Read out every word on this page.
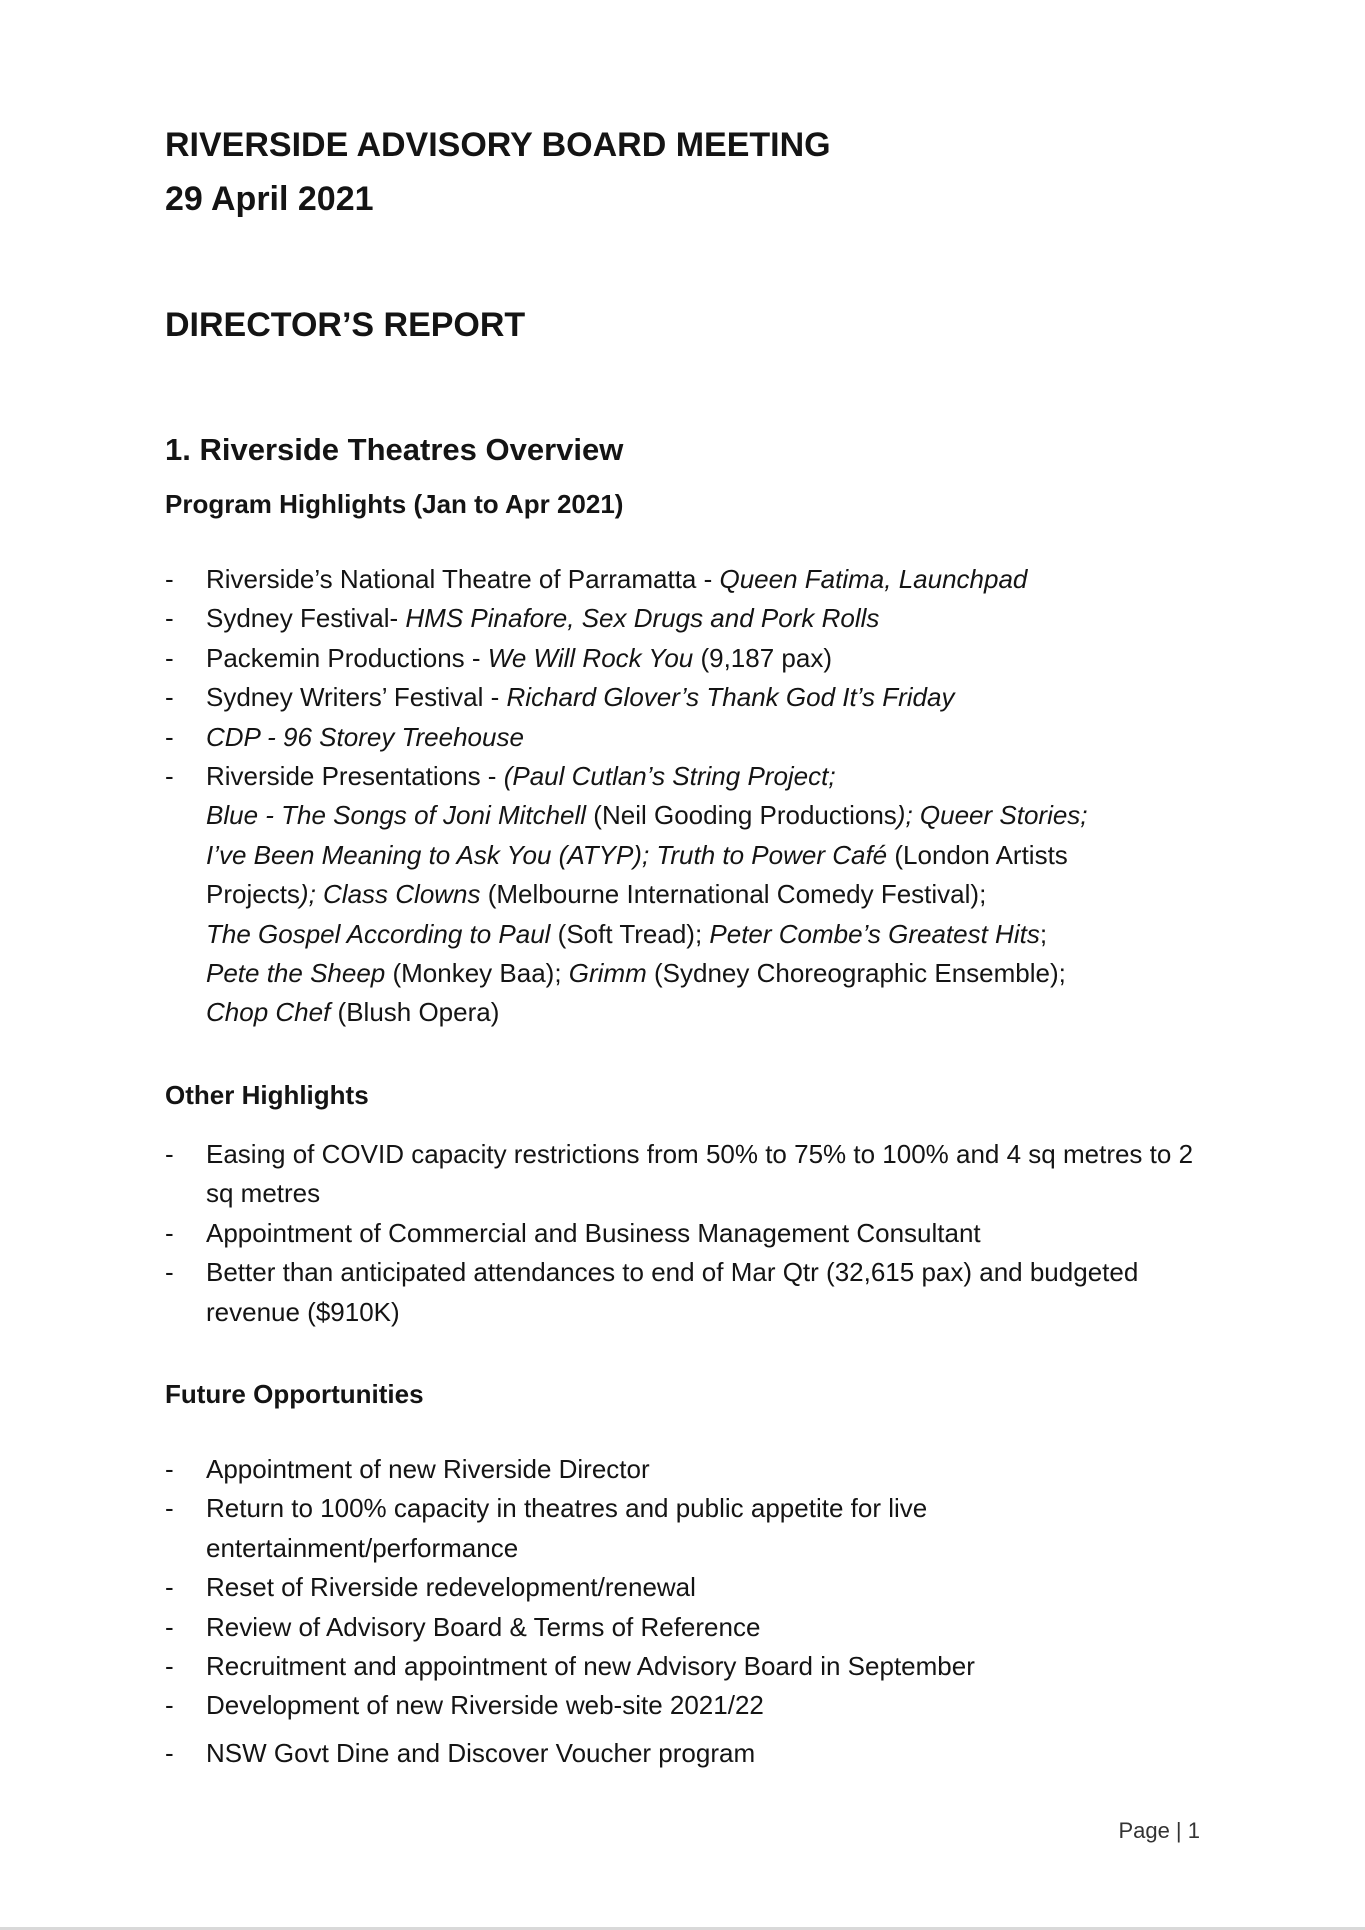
RIVERSIDE ADVISORY BOARD MEETING
29 April 2021
DIRECTOR’S REPORT
1. Riverside Theatres Overview
Program Highlights (Jan to Apr 2021)
- Riverside’s National Theatre of Parramatta - Queen Fatima, Launchpad
- Sydney Festival- HMS Pinafore, Sex Drugs and Pork Rolls
- Packemin Productions - We Will Rock You (9,187 pax)
- Sydney Writers’ Festival - Richard Glover’s Thank God It’s Friday
- CDP - 96 Storey Treehouse
- Riverside Presentations - (Paul Cutlan’s String Project;
Blue - The Songs of Joni Mitchell (Neil Gooding Productions); Queer Stories;
I’ve Been Meaning to Ask You (ATYP); Truth to Power Café (London Artists
Projects); Class Clowns (Melbourne International Comedy Festival);
The Gospel According to Paul (Soft Tread); Peter Combe’s Greatest Hits;
Pete the Sheep (Monkey Baa); Grimm (Sydney Choreographic Ensemble);
Chop Chef (Blush Opera)
Other Highlights
- Easing of COVID capacity restrictions from 50% to 75% to 100% and 4 sq metres to 2 sq metres
- Appointment of Commercial and Business Management Consultant
- Better than anticipated attendances to end of Mar Qtr (32,615 pax) and budgeted revenue ($910K)
Future Opportunities
- Appointment of new Riverside Director
- Return to 100% capacity in theatres and public appetite for live entertainment/performance
- Reset of Riverside redevelopment/renewal
- Review of Advisory Board & Terms of Reference
- Recruitment and appointment of new Advisory Board in September
- Development of new Riverside web-site 2021/22
- NSW Govt Dine and Discover Voucher program
Page | 1
